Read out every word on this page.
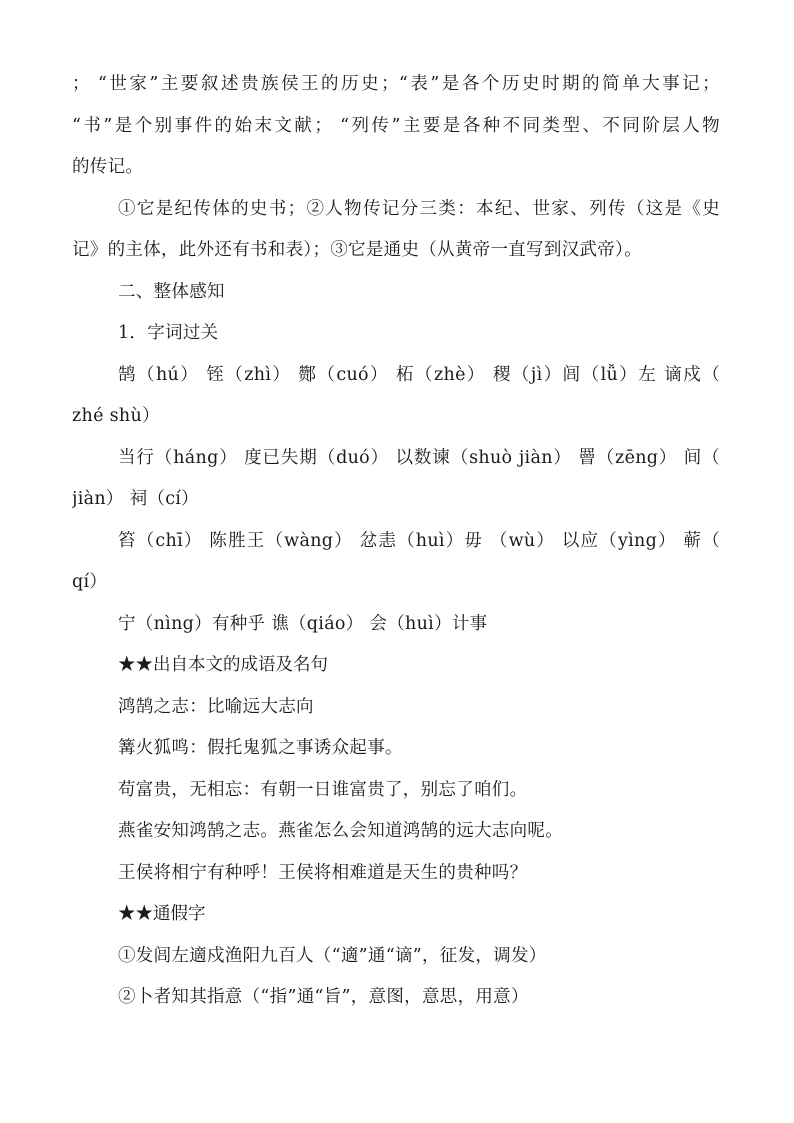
； “世家”主要叙述贵族侯王的历史；“表”是各个历史时期的简单大事记；
“书”是个别事件的始末文献； “列传”主要是各种不同类型、不同阶层人物
的传记。
①它是纪传体的史书；②人物传记分三类：本纪、世家、列传（这是《史
记》的主体，此外还有书和表）；③它是通史（从黄帝一直写到汉武帝）。
二、整体感知
1．字词过关
鹄（hú） 铚（zhì） 酂（cuó） 柘（zhè） 稷（jì）闾（lǚ）左 谪戍（
zhé shù）
当行（háng） 度已失期（duó） 以数谏（shuò jiàn） 罾（zēng） 间（
jiàn） 祠（cí）
笞（chī） 陈胜王（wàng） 忿恚（huì）毋 （wù） 以应（yìng） 蕲（
qí）
宁（nìng）有种乎 谯（qiáo） 会（huì）计事
★★出自本文的成语及名句
鸿鹄之志：比喻远大志向
篝火狐鸣：假托鬼狐之事诱众起事。
苟富贵，无相忘：有朝一日谁富贵了，别忘了咱们。
燕雀安知鸿鹄之志。燕雀怎么会知道鸿鹄的远大志向呢。
王侯将相宁有种呼！王侯将相难道是天生的贵种吗？
★★通假字
①发闾左適戍渔阳九百人（“適”通“谪”，征发，调发）
②卜者知其指意（“指”通“旨”，意图，意思，用意）
